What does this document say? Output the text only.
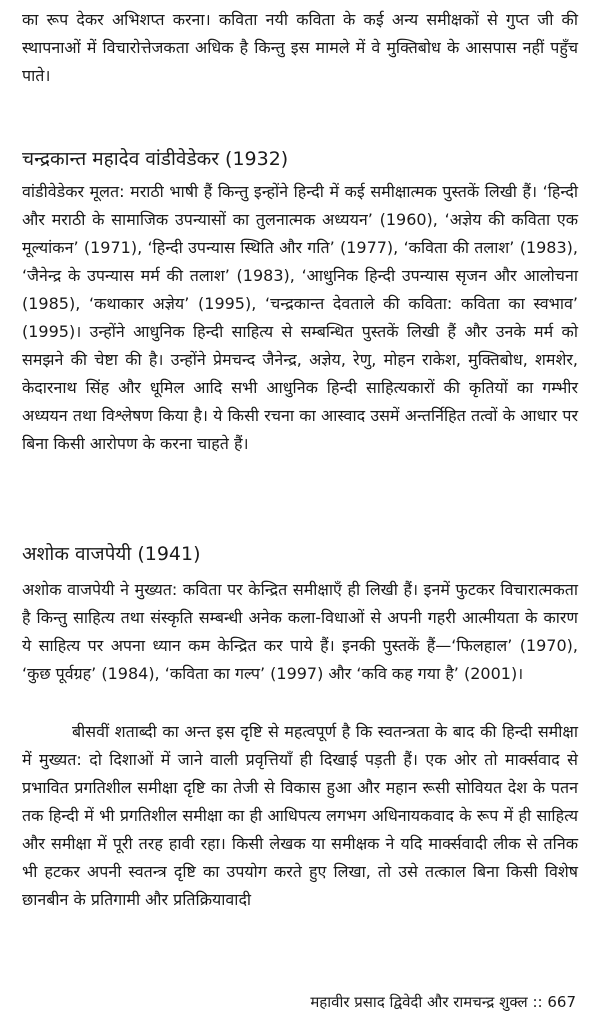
का रूप देकर अभिशप्त करना। कविता नयी कविता के कई अन्य समीक्षकों से गुप्त जी की स्थापनाओं में विचारोत्तेजकता अधिक है किन्तु इस मामले में वे मुक्तिबोध के आसपास नहीं पहुँच पाते।

चन्द्रकान्त महादेव वांडीवेडेकर (1932)

वांडीवेडेकर मूलत: मराठी भाषी हैं किन्तु इन्होंने हिन्दी में कई समीक्षात्मक पुस्तकें लिखी हैं। ‘हिन्दी और मराठी के सामाजिक उपन्यासों का तुलनात्मक अध्ययन’ (1960), ‘अज्ञेय की कविता एक मूल्यांकन’ (1971), ‘हिन्दी उपन्यास स्थिति और गति’ (1977), ‘कविता की तलाश’ (1983), ‘जैनेन्द्र के उपन्यास मर्म की तलाश’ (1983), ‘आधुनिक हिन्दी उपन्यास सृजन और आलोचना (1985), ‘कथाकार अज्ञेय’ (1995), ‘चन्द्रकान्त देवताले की कविता: कविता का स्वभाव’ (1995)। उन्होंने आधुनिक हिन्दी साहित्य से सम्बन्धित पुस्तकें लिखी हैं और उनके मर्म को समझने की चेष्टा की है। उन्होंने प्रेमचन्द जैनेन्द्र, अज्ञेय, रेणु, मोहन राकेश, मुक्तिबोध, शमशेर, केदारनाथ सिंह और धूमिल आदि सभी आधुनिक हिन्दी साहित्यकारों की कृतियों का गम्भीर अध्ययन तथा विश्लेषण किया है। ये किसी रचना का आस्वाद उसमें अन्तर्निहित तत्वों के आधार पर बिना किसी आरोपण के करना चाहते हैं।

अशोक वाजपेयी (1941)

अशोक वाजपेयी ने मुख्यत: कविता पर केन्द्रित समीक्षाएँ ही लिखी हैं। इनमें फुटकर विचारात्मकता है किन्तु साहित्य तथा संस्कृति सम्बन्धी अनेक कला-विधाओं से अपनी गहरी आत्मीयता के कारण ये साहित्य पर अपना ध्यान कम केन्द्रित कर पाये हैं। इनकी पुस्तकें हैं—‘फिलहाल’ (1970), ‘कुछ पूर्वग्रह’ (1984), ‘कविता का गल्प’ (1997) और ‘कवि कह गया है’ (2001)।

बीसवीं शताब्दी का अन्त इस दृष्टि से महत्वपूर्ण है कि स्वतन्त्रता के बाद की हिन्दी समीक्षा में मुख्यत: दो दिशाओं में जाने वाली प्रवृत्तियाँ ही दिखाई पड़ती हैं। एक ओर तो मार्क्सवाद से प्रभावित प्रगतिशील समीक्षा दृष्टि का तेजी से विकास हुआ और महान रूसी सोवियत देश के पतन तक हिन्दी में भी प्रगतिशील समीक्षा का ही आधिपत्य लगभग अधिनायकवाद के रूप में ही साहित्य और समीक्षा में पूरी तरह हावी रहा। किसी लेखक या समीक्षक ने यदि मार्क्सवादी लीक से तनिक भी हटकर अपनी स्वतन्त्र दृष्टि का उपयोग करते हुए लिखा, तो उसे तत्काल बिना किसी विशेष छानबीन के प्रतिगामी और प्रतिक्रियावादी

महावीर प्रसाद द्विवेदी और रामचन्द्र शुक्ल :: 667
